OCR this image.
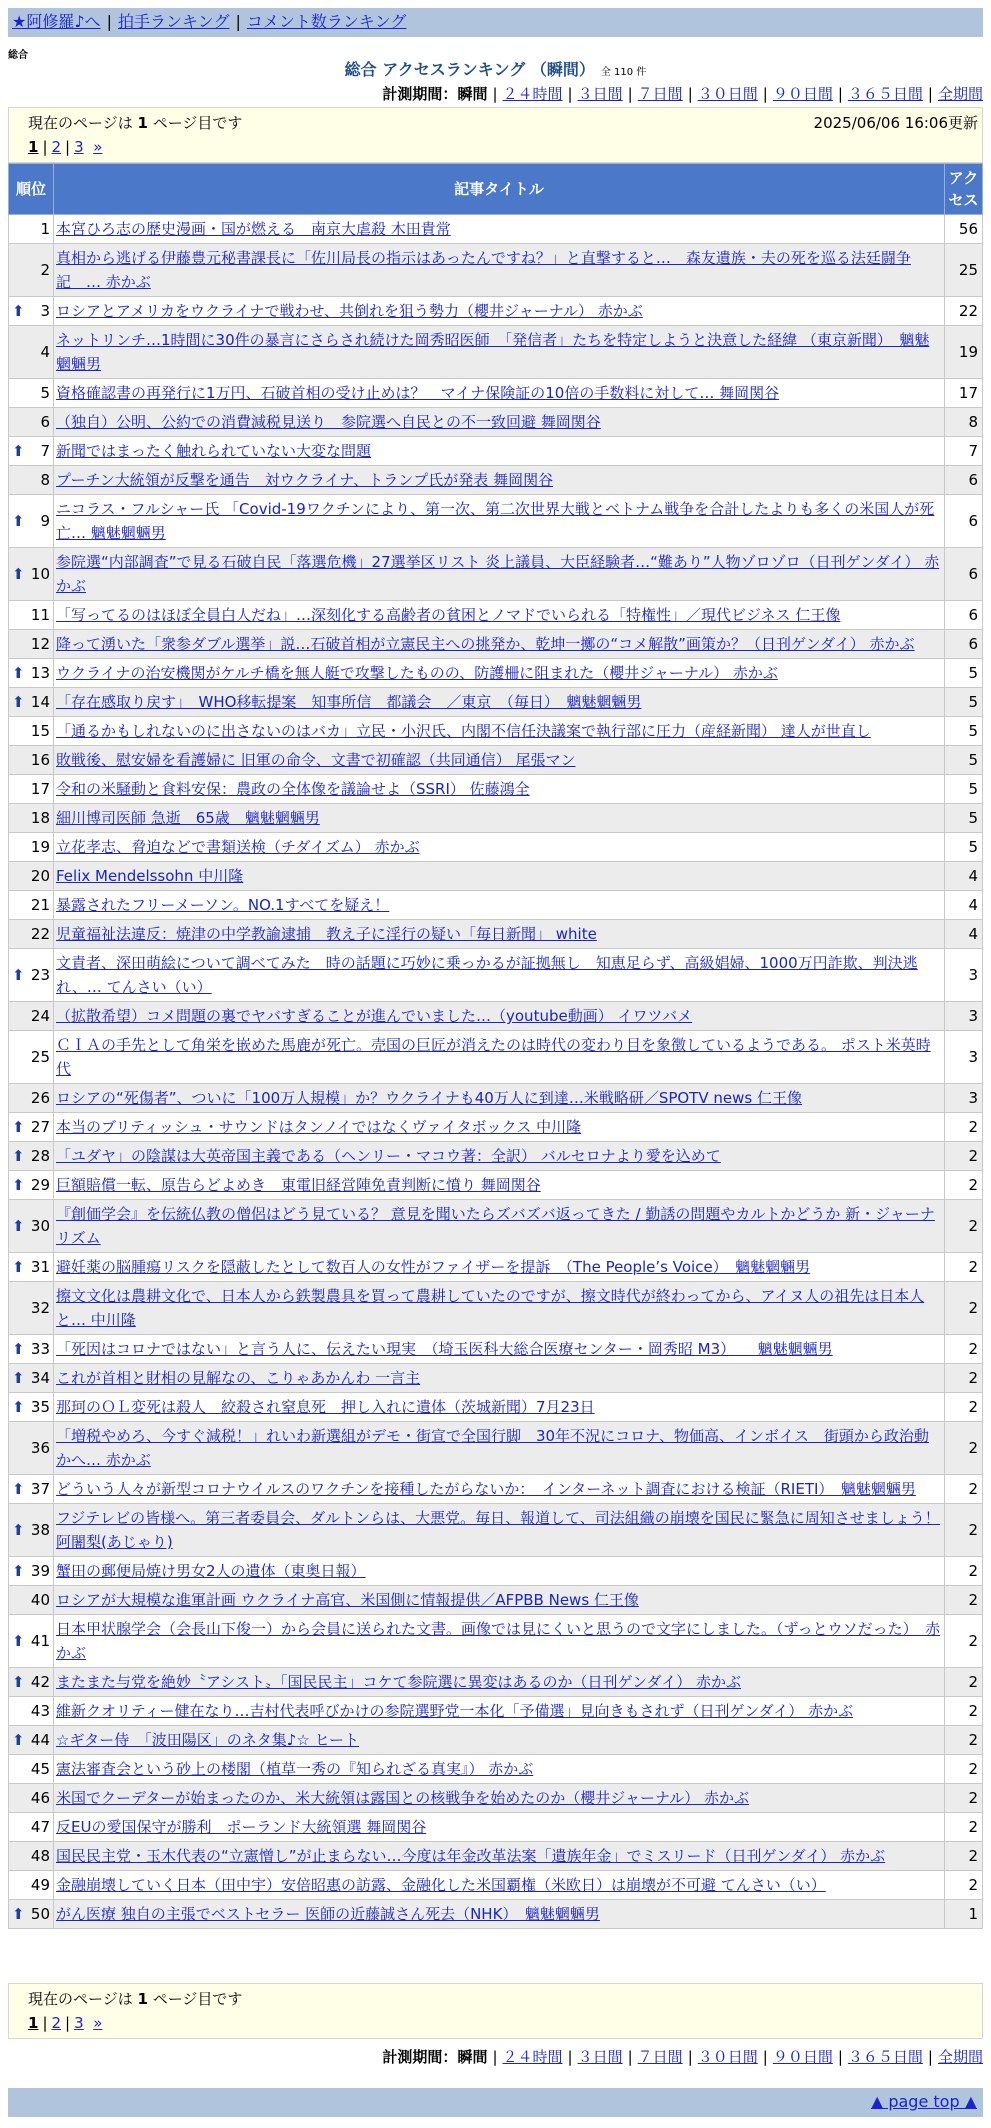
★阿修羅♪へ | 拍手ランキング | コメント数ランキング
総合
総合 アクセスランキング （瞬間） 全 110 件
計測期間：瞬間 | ２４時間 | ３日間 | ７日間 | ３０日間 | ９０日間 | ３６５日間 | 全期間
現在のページは 1 ページ目です	2025/06/06 16:06更新
1 | 2 | 3 »
順位	記事タイトル	アクセス
1	本宮ひろ志の歴史漫画・国が燃える　南京大虐殺 木田貴常	56
2	真相から逃げる伊藤豊元秘書課長に「佐川局長の指示はあったんですね？」と直撃すると…　森友遺族・夫の死を巡る法廷闘争記　… 赤かぶ	25

⬆ 3	ロシアとアメリカをウクライナで戦わせ、共倒れを狙う勢力（櫻井ジャーナル） 赤かぶ	22
4	ネットリンチ…1時間に30件の暴言にさらされ続けた岡秀昭医師　「発信者」たちを特定しようと決意した経緯 （東京新聞）　魑魅魍魎男	19
5	資格確認書の再発行に1万円、石破首相の受け止めは？　マイナ保険証の10倍の手数料に対して… 舞岡関谷	17
6	（独自）公明、公約での消費減税見送り　参院選へ自民との不一致回避 舞岡関谷	8

⬆ 7	新聞ではまったく触れられていない大変な問題	7
8	プーチン大統領が反撃を通告　対ウクライナ、トランプ氏が発表 舞岡関谷	6

⬆ 9	ニコラス・フルシャー氏 「Covid-19ワクチンにより、第一次、第二次世界大戦とベトナム戦争を合計したよりも多くの米国人が死亡… 魑魅魍魎男	6

⬆ 10	参院選“内部調査”で見る石破自民「落選危機」27選挙区リスト 炎上議員、大臣経験者…“難あり”人物ゾロゾロ（日刊ゲンダイ） 赤かぶ	6
11	「写ってるのはほぼ全員白人だね」…深刻化する高齢者の貧困とノマドでいられる「特権性」／現代ビジネス 仁王像	6
12	降って湧いた「衆参ダブル選挙」説…石破首相が立憲民主への挑発か、乾坤一擲の“コメ解散”画策か？（日刊ゲンダイ） 赤かぶ	6

⬆ 13	ウクライナの治安機関がケルチ橋を無人艇で攻撃したものの、防護柵に阻まれた（櫻井ジャーナル） 赤かぶ	5

⬆ 14	「存在感取り戻す」　WHO移転提案　知事所信　都議会　／東京　（毎日）　魑魅魍魎男	5
15	「通るかもしれないのに出さないのはバカ」立民・小沢氏、内閣不信任決議案で執行部に圧力（産経新聞） 達人が世直し	5
16	敗戦後、慰安婦を看護婦に 旧軍の命令、文書で初確認（共同通信） 尾張マン	5
17	令和の米騒動と食料安保：農政の全体像を議論せよ（SSRI） 佐藤鴻全	5
18	細川博司医師 急逝　65歳　魑魅魍魎男	5
19	立花孝志、脅迫などで書類送検（チダイズム） 赤かぶ	5
20	Felix Mendelssohn 中川隆	4
21	暴露されたフリーメーソン。NO.1すべてを疑え！	4
22	児童福祉法違反：焼津の中学教諭逮捕　教え子に淫行の疑い「毎日新聞」 white	4

⬆ 23	文責者、深田萌絵について調べてみた　時の話題に巧妙に乗っかるが証拠無し　知恵足らず、高級娼婦、1000万円詐欺、判決逃れ、… てんさい（い）	3
24	（拡散希望）コメ問題の裏でヤバすぎることが進んでいました…（youtube動画） イワツバメ	3
25	ＣＩＡの手先として角栄を嵌めた馬鹿が死亡。売国の巨匠が消えたのは時代の変わり目を象徴しているようである。 ポスト米英時代	3
26	ロシアの“死傷者”、ついに「100万人規模」か？ウクライナも40万人に到達…米戦略研／SPOTV news 仁王像	3

⬆ 27	本当のブリティッシュ・サウンドはタンノイではなくヴァイタボックス 中川隆	2

⬆ 28	「ユダヤ」の陰謀は大英帝国主義である（ヘンリー・マコウ著：全訳） バルセロナより愛を込めて	2

⬆ 29	巨額賠償一転、原告らどよめき　東電旧経営陣免責判断に憤り 舞岡関谷	2

⬆ 30	『創価学会』を伝統仏教の僧侶はどう見ている？ 意見を聞いたらズバズバ返ってきた / 勤誘の問題やカルトかどうか 新・ジャーナリズム	2

⬆ 31	避妊薬の脳腫瘍リスクを隠蔽したとして数百人の女性がファイザーを提訴　（The People’s Voice）　魑魅魍魎男	2
32	擦文文化は農耕文化で、日本人から鉄製農具を買って農耕していたのですが、擦文時代が終わってから、アイヌ人の祖先は日本人と… 中川隆	2

⬆ 33	「死因はコロナではない」と言う人に、伝えたい現実　（埼玉医科大総合医療センター・岡秀昭 M3）　　魑魅魍魎男	2

⬆ 34	これが首相と財相の見解なの、こりゃあかんわ 一言主	2

⬆ 35	那珂のＯＬ変死は殺人　絞殺され窒息死　押し入れに遺体（茨城新聞）7月23日	2
36	「増税やめろ、今すぐ減税！」れいわ新選組がデモ・街宣で全国行脚　30年不況にコロナ、物価高、インボイス　街頭から政治動かへ… 赤かぶ	2

⬆ 37	どういう人々が新型コロナウイルスのワクチンを接種したがらないか：　インターネット調査における検証（RIETI）　魑魅魍魎男	2

⬆ 38	フジテレビの皆様へ。第三者委員会、ダルトンらは、大悪党。毎日、報道して、司法組織の崩壊を国民に緊急に周知させましょう！ 阿闍梨(あじゃり)	2

⬆ 39	蟹田の郵便局焼け男女2人の遺体（東奥日報）	2
40	ロシアが大規模な進軍計画 ウクライナ高官、米国側に情報提供／AFPBB News 仁王像	2

⬆ 41	日本甲状腺学会（会長山下俊一）から会員に送られた文書。画像では見にくいと思うので文字にしました。（ずっとウソだった）　赤かぶ	2

⬆ 42	またまた与党を絶妙〝アシスト〟「国民民主」コケて参院選に異変はあるのか（日刊ゲンダイ） 赤かぶ	2
43	維新クオリティー健在なり…吉村代表呼びかけの参院選野党一本化「予備選」見向きもされず（日刊ゲンダイ） 赤かぶ	2

⬆ 44	☆ギター侍　「波田陽区」のネタ集♪☆ ヒート	2
45	憲法審査会という砂上の楼閣（植草一秀の『知られざる真実』） 赤かぶ	2
46	米国でクーデターが始まったのか、米大統領は露国との核戦争を始めたのか（櫻井ジャーナル） 赤かぶ	2
47	反EUの愛国保守が勝利　ポーランド大統領選 舞岡関谷	2
48	国民民主党・玉木代表の“立憲憎し”が止まらない…今度は年金改革法案「遺族年金」でミスリード（日刊ゲンダイ） 赤かぶ	2
49	金融崩壊していく日本（田中宇）安倍昭惠の訪露、金融化した米国覇権（米欧日）は崩壊が不可避 てんさい（い）	2

⬆ 50	がん医療 独自の主張でベストセラー 医師の近藤誠さん死去（NHK）　魑魅魍魎男	1
現在のページは 1 ページ目です
1 | 2 | 3 »
計測期間：瞬間 | ２４時間 | ３日間 | ７日間 | ３０日間 | ９０日間 | ３６５日間 | 全期間
▲ page top ▲
